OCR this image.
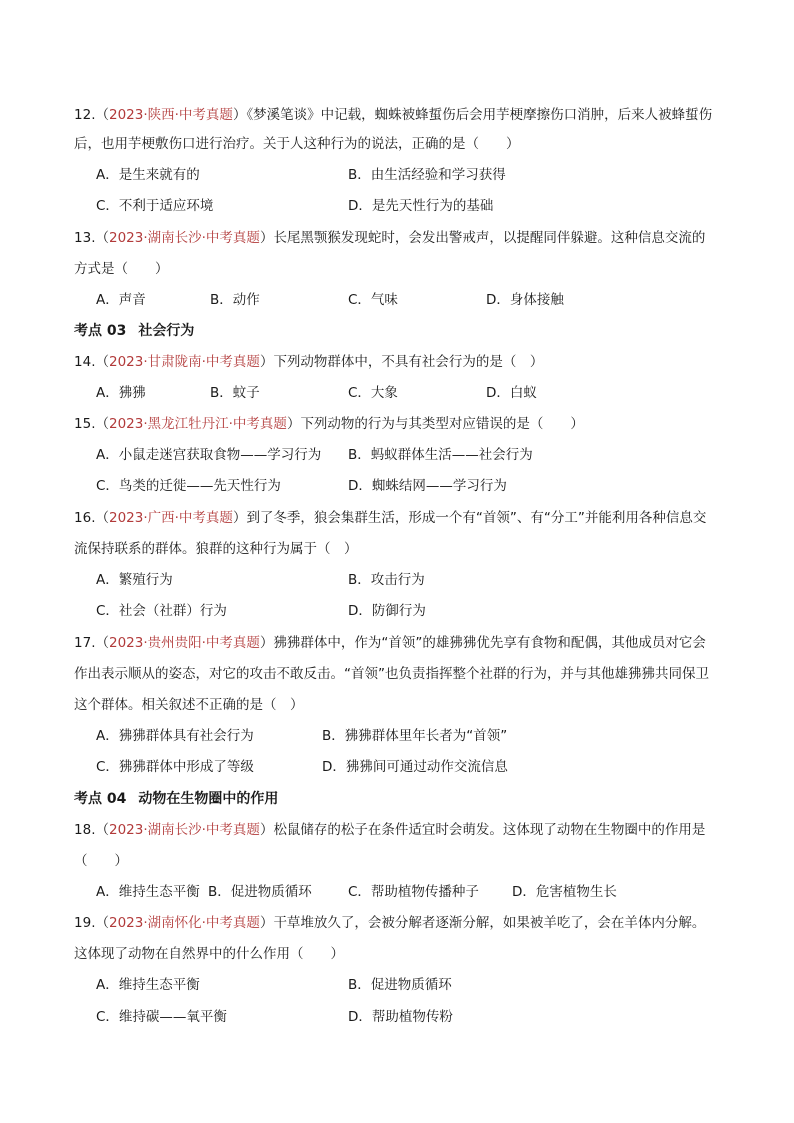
12.（2023·陕西·中考真题）《梦溪笔谈》中记载，蜘蛛被蜂蜇伤后会用芋梗摩擦伤口消肿，后来人被蜂蜇伤
后，也用芋梗敷伤口进行治疗。关于人这种行为的说法，正确的是（　　）
A．是生来就有的	B．由生活经验和学习获得
C．不利于适应环境	D．是先天性行为的基础
13.（2023·湖南长沙·中考真题）长尾黑颚猴发现蛇时，会发出警戒声，以提醒同伴躲避。这种信息交流的
方式是（　　）
A．声音	B．动作	C．气味	D．身体接触
考点 03 社会行为
14.（2023·甘肃陇南·中考真题）下列动物群体中，不具有社会行为的是（　）
A．狒狒	B．蚊子	C．大象	D．白蚁
15.（2023·黑龙江牡丹江·中考真题）下列动物的行为与其类型对应错误的是（　　）
A．小鼠走迷宫获取食物——学习行为 B．蚂蚁群体生活——社会行为
C．鸟类的迁徙——先天性行为	D．蜘蛛结网——学习行为
16.（2023·广西·中考真题）到了冬季，狼会集群生活，形成一个有“首领”、有“分工”并能利用各种信息交
流保持联系的群体。狼群的这种行为属于（　）
A．繁殖行为	B．攻击行为
C．社会（社群）行为	D．防御行为
17.（2023·贵州贵阳·中考真题）狒狒群体中，作为“首领”的雄狒狒优先享有食物和配偶，其他成员对它会
作出表示顺从的姿态，对它的攻击不敢反击。“首领”也负责指挥整个社群的行为，并与其他雄狒狒共同保卫
这个群体。相关叙述不正确的是（　）
A．狒狒群体具有社会行为	B．狒狒群体里年长者为“首领”
C．狒狒群体中形成了等级	D．狒狒间可通过动作交流信息
考点 04 动物在生物圈中的作用
18.（2023·湖南长沙·中考真题）松鼠储存的松子在条件适宜时会萌发。这体现了动物在生物圈中的作用是
（　　）
A．维持生态平衡 B．促进物质循环	C．帮助植物传播种子 D．危害植物生长
19.（2023·湖南怀化·中考真题）干草堆放久了，会被分解者逐渐分解，如果被羊吃了，会在羊体内分解。
这体现了动物在自然界中的什么作用（　　）
A．维持生态平衡	B．促进物质循环
C．维持碳——氧平衡	D．帮助植物传粉
